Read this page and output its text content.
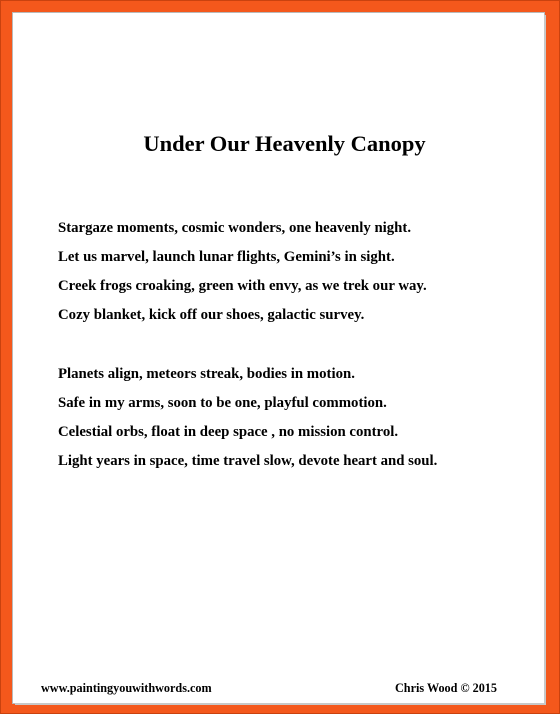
Under Our Heavenly Canopy
Stargaze moments, cosmic wonders, one heavenly night.
Let us marvel, launch lunar flights, Gemini’s in sight.
Creek frogs croaking, green with envy, as we trek our way.
Cozy blanket, kick off our shoes, galactic survey.
Planets align, meteors streak, bodies in motion.
Safe in my arms, soon to be one, playful commotion.
Celestial orbs, float in deep space , no mission control.
Light years in space, time travel slow, devote heart and soul.
www.paintingyouwithwords.com	Chris Wood © 2015
